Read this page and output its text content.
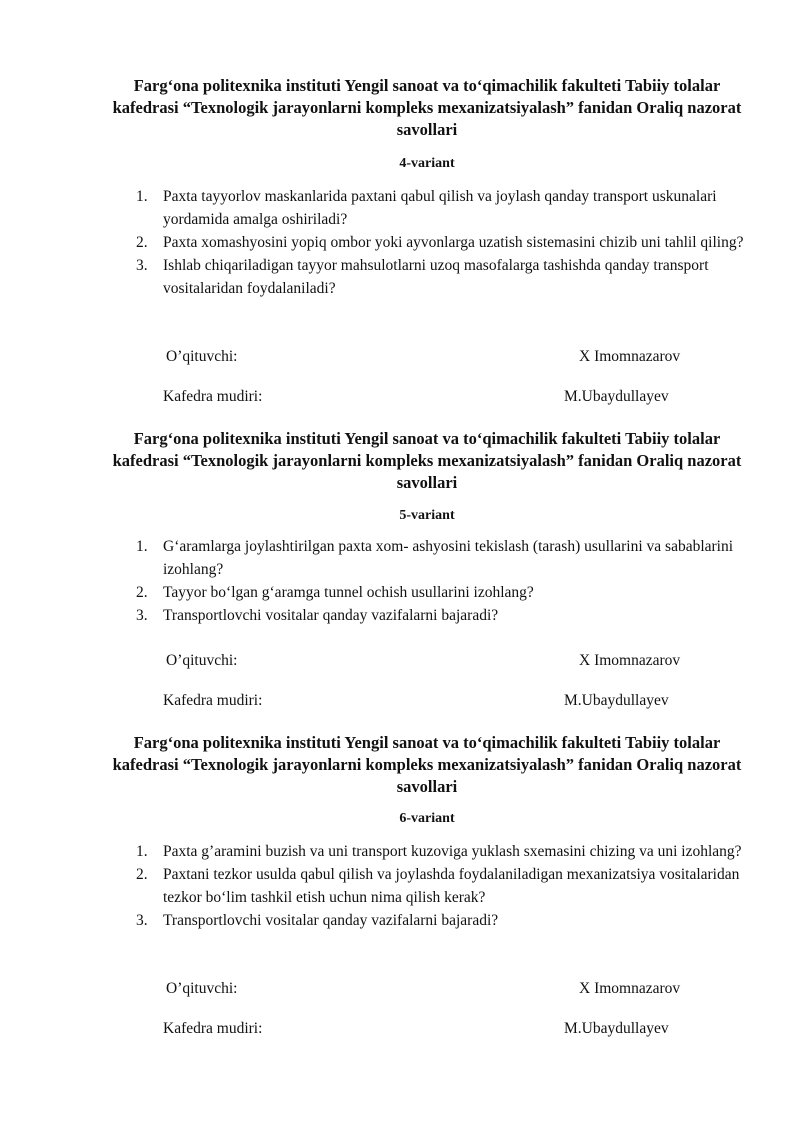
Farg‘ona politexnika instituti Yengil sanoat va to‘qimachilik fakulteti Tabiiy tolalar kafedrasi “Texnologik jarayonlarni kompleks mexanizatsiyalash” fanidan Oraliq nazorat savollari
4-variant
1. Paxta tayyorlov maskanlarida paxtani qabul qilish va joylash qanday transport uskunalari yordamida amalga oshiriladi?
2. Paxta xomashyosini yopiq ombor yoki ayvonlarga uzatish sistemasini chizib uni tahlil qiling?
3. Ishlab chiqariladigan tayyor mahsulotlarni uzoq masofalarga tashishda qanday transport vositalaridan foydalaniladi?
O’qituvchi:	X Imomnazarov
Kafedra mudiri:	M.Ubaydullayev
Farg‘ona politexnika instituti Yengil sanoat va to‘qimachilik fakulteti Tabiiy tolalar kafedrasi “Texnologik jarayonlarni kompleks mexanizatsiyalash” fanidan Oraliq nazorat savollari
5-variant
1. G‘aramlarga joylashtirilgan paxta xom- ashyosini tekislash (tarash) usullarini va sabablarini izohlang?
2. Tayyor bo‘lgan g‘aramga tunnel ochish usullarini izohlang?
3. Transportlovchi vositalar qanday vazifalarni bajaradi?
O’qituvchi:	X Imomnazarov
Kafedra mudiri:	M.Ubaydullayev
Farg‘ona politexnika instituti Yengil sanoat va to‘qimachilik fakulteti Tabiiy tolalar kafedrasi “Texnologik jarayonlarni kompleks mexanizatsiyalash” fanidan Oraliq nazorat savollari
6-variant
1. Paxta g’aramini buzish va uni transport kuzoviga yuklash sxemasini chizing va uni izohlang?
2. Paxtani tezkor usulda qabul qilish va joylashda foydalaniladigan mexanizatsiya vositalaridan tezkor bo‘lim tashkil etish uchun nima qilish kerak?
3. Transportlovchi vositalar qanday vazifalarni bajaradi?
O’qituvchi:	X Imomnazarov
Kafedra mudiri:	M.Ubaydullayev
